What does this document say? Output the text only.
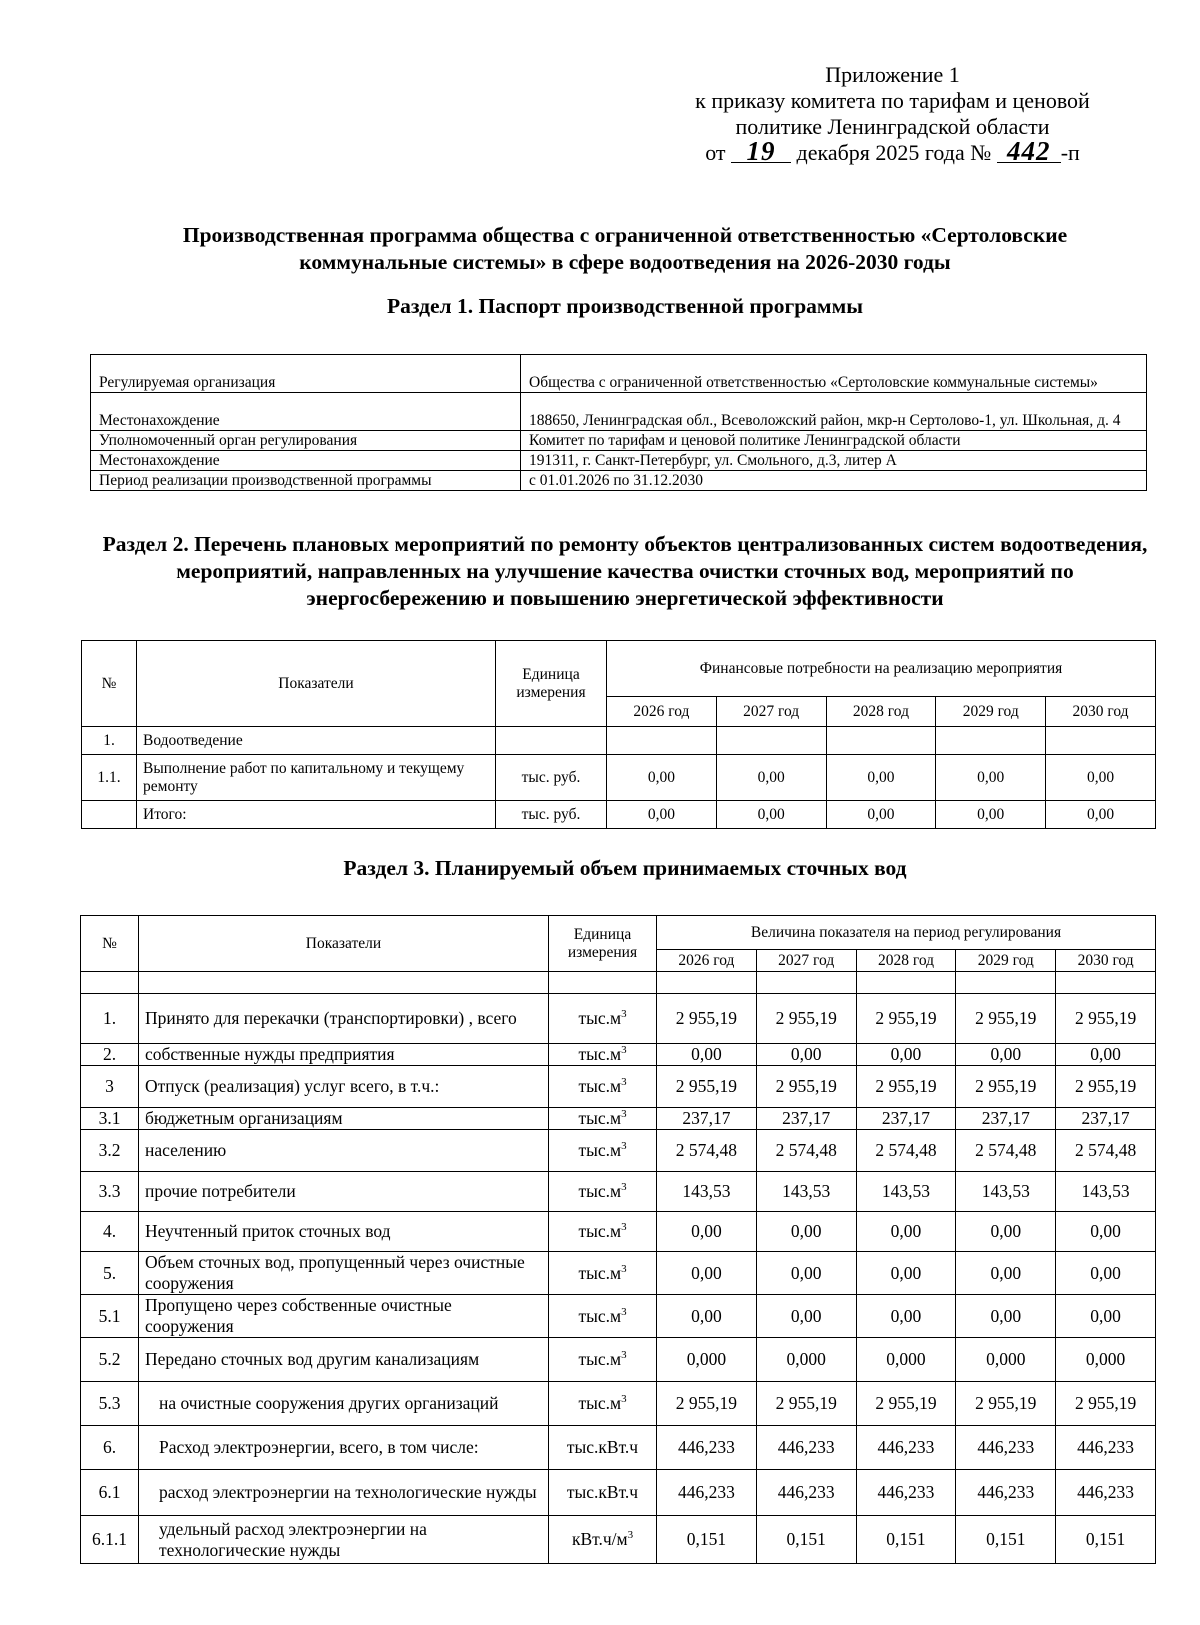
Приложение 1
к приказу комитета по тарифам и ценовой
политике Ленинградской области
от 19 декабря 2025 года № 442 -п
Производственная программа общества с ограниченной ответственностью «Сертоловские
коммунальные системы» в сфере водоотведения на 2026-2030 годы
Раздел 1. Паспорт производственной программы
Регулируемая организация	Общества с ограниченной ответственностью «Сертоловские коммунальные системы»
Местонахождение	188650, Ленинградская обл., Всеволожский район, мкр-н Сертолово-1, ул. Школьная, д. 4
Уполномоченный орган регулирования	Комитет по тарифам и ценовой политике Ленинградской области
Местонахождение	191311, г. Санкт-Петербург, ул. Смольного, д.3, литер А
Период реализации производственной программы	с 01.01.2026 по 31.12.2030
Раздел 2. Перечень плановых мероприятий по ремонту объектов централизованных систем водоотведения, мероприятий, направленных на улучшение качества очистки сточных вод, мероприятий по энергосбережению и повышению энергетической эффективности
№	Показатели	Единица измерения	Финансовые потребности на реализацию мероприятия				
			2026 год	2027 год	2028 год	2029 год	2030 год
1.	Водоотведение						
1.1.	Выполнение работ по капитальному и текущему ремонту	тыс. руб.	0,00	0,00	0,00	0,00	0,00
	Итого:	тыс. руб.	0,00	0,00	0,00	0,00	0,00
Раздел 3. Планируемый объем принимаемых сточных вод
№	Показатели	Единица измерения	Величина показателя на период регулирования				
			2026 год	2027 год	2028 год	2029 год	2030 год

1.	Принято для перекачки (транспортировки) , всего	$тыс.м^3$	2 955,19	2 955,19	2 955,19	2 955,19	2 955,19
2.	собственные нужды предприятия	$тыс.м^3$	0,00	0,00	0,00	0,00	0,00
3	Отпуск (реализация) услуг всего, в т.ч.:	$тыс.м^3$	2 955,19	2 955,19	2 955,19	2 955,19	2 955,19
3.1	бюджетным организациям	$тыс.м^3$	237,17	237,17	237,17	237,17	237,17
3.2	населению	$тыс.м^3$	2 574,48	2 574,48	2 574,48	2 574,48	2 574,48
3.3	прочие потребители	$тыс.м^3$	143,53	143,53	143,53	143,53	143,53
4.	Неучтенный приток сточных вод	$тыс.м^3$	0,00	0,00	0,00	0,00	0,00
5.	Объем сточных вод, пропущенный через очистные сооружения	$тыс.м^3$	0,00	0,00	0,00	0,00	0,00
5.1	Пропущено через собственные очистные сооружения	$тыс.м^3$	0,00	0,00	0,00	0,00	0,00
5.2	Передано сточных вод другим канализациям	$тыс.м^3$	0,000	0,000	0,000	0,000	0,000
5.3	на очистные сооружения других организаций	$тыс.м^3$	2 955,19	2 955,19	2 955,19	2 955,19	2 955,19
6.	Расход электроэнергии, всего, в том числе:	тыс.кВт.ч	446,233	446,233	446,233	446,233	446,233
6.1	расход электроэнергии на технологические нужды	тыс.кВт.ч	446,233	446,233	446,233	446,233	446,233
6.1.1	удельный расход электроэнергии на технологические нужды	$кВт.ч/м^3$	0,151	0,151	0,151	0,151	0,151
